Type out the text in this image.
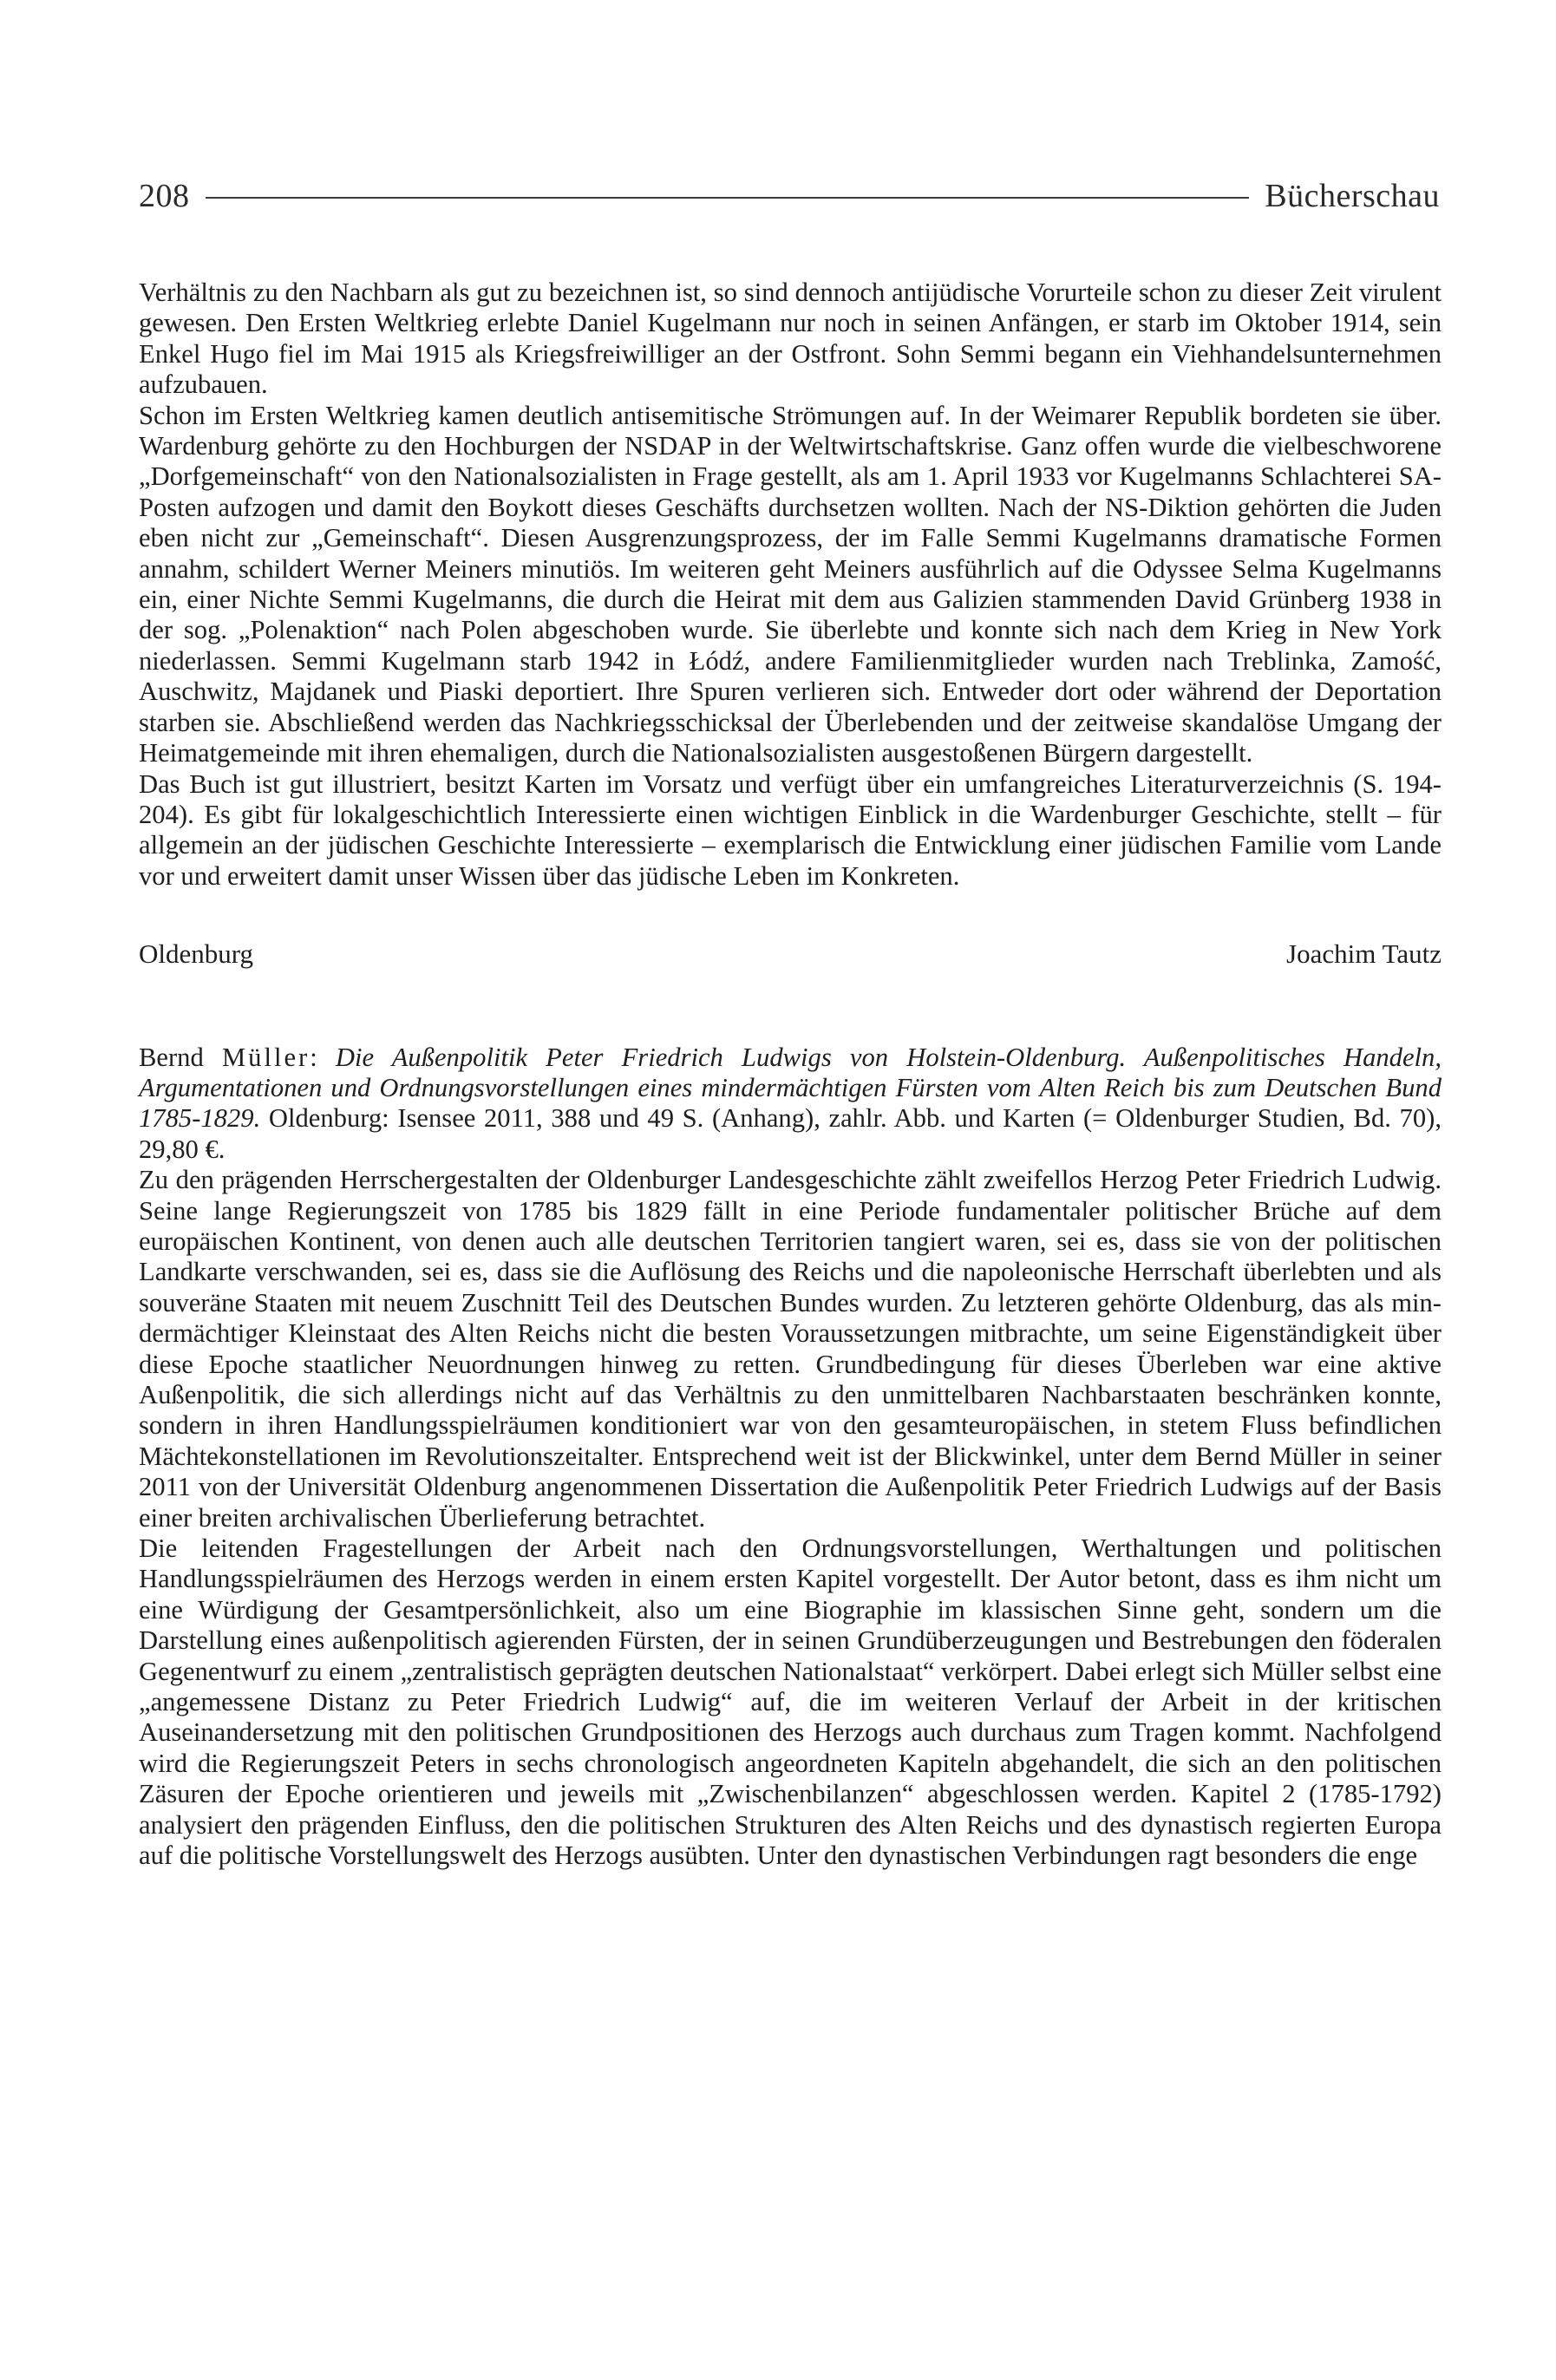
208	Bücherschau

Verhältnis zu den Nachbarn als gut zu bezeichnen ist, so sind dennoch antijüdische Vorurteile schon zu dieser Zeit virulent gewesen. Den Ersten Weltkrieg erlebte Daniel Kugelmann nur noch in seinen Anfängen, er starb im Oktober 1914, sein Enkel Hugo fiel im Mai 1915 als Kriegsfreiwilliger an der Ostfront. Sohn Semmi begann ein Viehhandelsunternehmen aufzubauen.

Schon im Ersten Weltkrieg kamen deutlich antisemitische Strömungen auf. In der Weimarer Republik bordeten sie über. Wardenburg gehörte zu den Hochburgen der NSDAP in der Weltwirtschaftskrise. Ganz offen wurde die vielbeschworene „Dorfgemeinschaft“ von den Nationalsozialisten in Frage gestellt, als am 1. April 1933 vor Kugelmanns Schlachterei SA-Posten aufzogen und damit den Boykott dieses Geschäfts durchsetzen wollten. Nach der NS-Diktion gehörten die Juden eben nicht zur „Gemeinschaft“. Diesen Ausgrenzungsprozess, der im Falle Semmi Kugelmanns dramatische Formen annahm, schildert Werner Meiners minutiös. Im weiteren geht Meiners ausführlich auf die Odyssee Selma Kugelmanns ein, einer Nichte Semmi Kugelmanns, die durch die Heirat mit dem aus Galizien stammenden David Grünberg 1938 in der sog. „Polenaktion“ nach Polen abgeschoben wurde. Sie überlebte und konnte sich nach dem Krieg in New York niederlassen. Semmi Kugelmann starb 1942 in Łódź, andere Familienmitglieder wurden nach Treblinka, Zamość, Auschwitz, Majdanek und Piaski deportiert. Ihre Spuren verlieren sich. Entweder dort oder während der Deportation starben sie. Abschließend werden das Nachkriegsschicksal der Überlebenden und der zeitweise skandalöse Umgang der Heimatgemeinde mit ihren ehemaligen, durch die Nationalsozialisten ausgestoßenen Bürgern dargestellt.

Das Buch ist gut illustriert, besitzt Karten im Vorsatz und verfügt über ein umfangreiches Literaturverzeichnis (S. 194-204). Es gibt für lokalgeschichtlich Interessierte einen wichtigen Einblick in die Wardenburger Geschichte, stellt – für allgemein an der jüdischen Geschichte Interessierte – exemplarisch die Entwicklung einer jüdischen Familie vom Lande vor und erweitert damit unser Wissen über das jüdische Leben im Konkreten.

Oldenburg	Joachim Tautz

Bernd Müller: Die Außenpolitik Peter Friedrich Ludwigs von Holstein-Oldenburg. Außenpolitisches Handeln, Argumentationen und Ordnungsvorstellungen eines mindermächtigen Fürsten vom Alten Reich bis zum Deutschen Bund 1785-1829. Oldenburg: Isensee 2011, 388 und 49 S. (Anhang), zahlr. Abb. und Karten (= Oldenburger Studien, Bd. 70), 29,80 €.

Zu den prägenden Herrschergestalten der Oldenburger Landesgeschichte zählt zweifellos Herzog Peter Friedrich Ludwig. Seine lange Regierungszeit von 1785 bis 1829 fällt in eine Periode fundamentaler politischer Brüche auf dem europäischen Kontinent, von denen auch alle deutschen Territorien tangiert waren, sei es, dass sie von der politischen Landkarte verschwanden, sei es, dass sie die Auflösung des Reichs und die napoleonische Herrschaft überlebten und als souveräne Staaten mit neuem Zuschnitt Teil des Deutschen Bundes wurden. Zu letzteren gehörte Oldenburg, das als mindermächtiger Kleinstaat des Alten Reichs nicht die besten Voraussetzungen mitbrachte, um seine Eigenständigkeit über diese Epoche staatlicher Neuordnungen hinweg zu retten. Grundbedingung für dieses Überleben war eine aktive Außenpolitik, die sich allerdings nicht auf das Verhältnis zu den unmittelbaren Nachbarstaaten beschränken konnte, sondern in ihren Handlungsspielräumen konditioniert war von den gesamteuropäischen, in stetem Fluss befindlichen Mächtekonstellationen im Revolutionszeitalter. Entsprechend weit ist der Blickwinkel, unter dem Bernd Müller in seiner 2011 von der Universität Oldenburg angenommenen Dissertation die Außenpolitik Peter Friedrich Ludwigs auf der Basis einer breiten archivalischen Überlieferung betrachtet.

Die leitenden Fragestellungen der Arbeit nach den Ordnungsvorstellungen, Werthaltungen und politischen Handlungsspielräumen des Herzogs werden in einem ersten Kapitel vorgestellt. Der Autor betont, dass es ihm nicht um eine Würdigung der Gesamtpersönlichkeit, also um eine Biographie im klassischen Sinne geht, sondern um die Darstellung eines außenpolitisch agierenden Fürsten, der in seinen Grundüberzeugungen und Bestrebungen den föderalen Gegenentwurf zu einem „zentralistisch geprägten deutschen Nationalstaat“ verkörpert. Dabei erlegt sich Müller selbst eine „angemessene Distanz zu Peter Friedrich Ludwig“ auf, die im weiteren Verlauf der Arbeit in der kritischen Auseinandersetzung mit den politischen Grundpositionen des Herzogs auch durchaus zum Tragen kommt. Nachfolgend wird die Regierungszeit Peters in sechs chronologisch angeordneten Kapiteln abgehandelt, die sich an den politischen Zäsuren der Epoche orientieren und jeweils mit „Zwischenbilanzen“ abgeschlossen werden. Kapitel 2 (1785-1792) analysiert den prägenden Einfluss, den die politischen Strukturen des Alten Reichs und des dynastisch regierten Europa auf die politische Vorstellungswelt des Herzogs ausübten. Unter den dynastischen Verbindungen ragt besonders die enge
